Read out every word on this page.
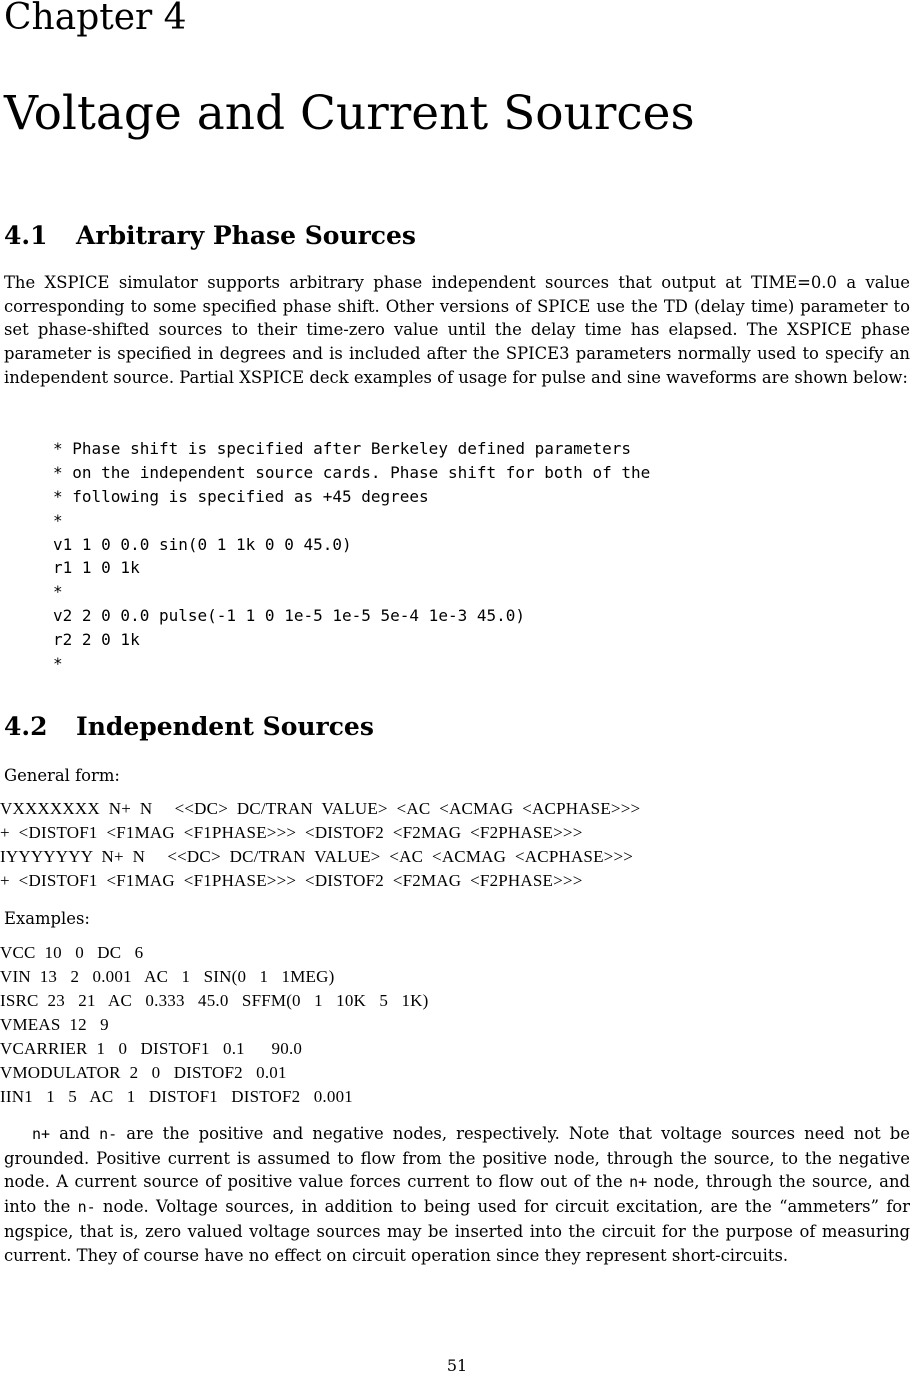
Chapter 4
Voltage and Current Sources
4.1 Arbitrary Phase Sources
The XSPICE simulator supports arbitrary phase independent sources that output at TIME=0.0 a value corresponding to some specified phase shift. Other versions of SPICE use the TD (delay time) parameter to set phase-shifted sources to their time-zero value until the delay time has elapsed. The XSPICE phase parameter is specified in degrees and is included after the SPICE3 parameters normally used to specify an independent source. Partial XSPICE deck examples of usage for pulse and sine waveforms are shown below:
* Phase shift is specified after Berkeley defined parameters
* on the independent source cards. Phase shift for both of the
* following is specified as +45 degrees
*
v1 1 0 0.0 sin(0 1 1k 0 0 45.0)
r1 1 0 1k
*
v2 2 0 0.0 pulse(-1 1 0 1e-5 1e-5 5e-4 1e-3 45.0)
r2 2 0 1k
*
4.2 Independent Sources
General form:
VXXXXXXX  N+  N     <<DC>  DC/TRAN  VALUE>  <AC  <ACMAG  <ACPHASE>>>
+  <DISTOF1  <F1MAG  <F1PHASE>>>  <DISTOF2  <F2MAG  <F2PHASE>>>
IYYYYYYY  N+  N     <<DC>  DC/TRAN  VALUE>  <AC  <ACMAG  <ACPHASE>>>
+  <DISTOF1  <F1MAG  <F1PHASE>>>  <DISTOF2  <F2MAG  <F2PHASE>>>
Examples:
VCC  10   0   DC   6
VIN  13   2   0.001   AC   1   SIN(0   1   1MEG)
ISRC  23   21   AC   0.333   45.0   SFFM(0   1   10K   5   1K)
VMEAS  12   9
VCARRIER  1   0   DISTOF1   0.1      90.0
VMODULATOR  2   0   DISTOF2   0.01
IIN1   1   5   AC   1   DISTOF1   DISTOF2   0.001
n+ and n- are the positive and negative nodes, respectively. Note that voltage sources need not be grounded. Positive current is assumed to flow from the positive node, through the source, to the negative node. A current source of positive value forces current to flow out of the n+ node, through the source, and into the n- node. Voltage sources, in addition to being used for circuit excitation, are the “ammeters” for ngspice, that is, zero valued voltage sources may be inserted into the circuit for the purpose of measuring current. They of course have no effect on circuit operation since they represent short-circuits.
51
